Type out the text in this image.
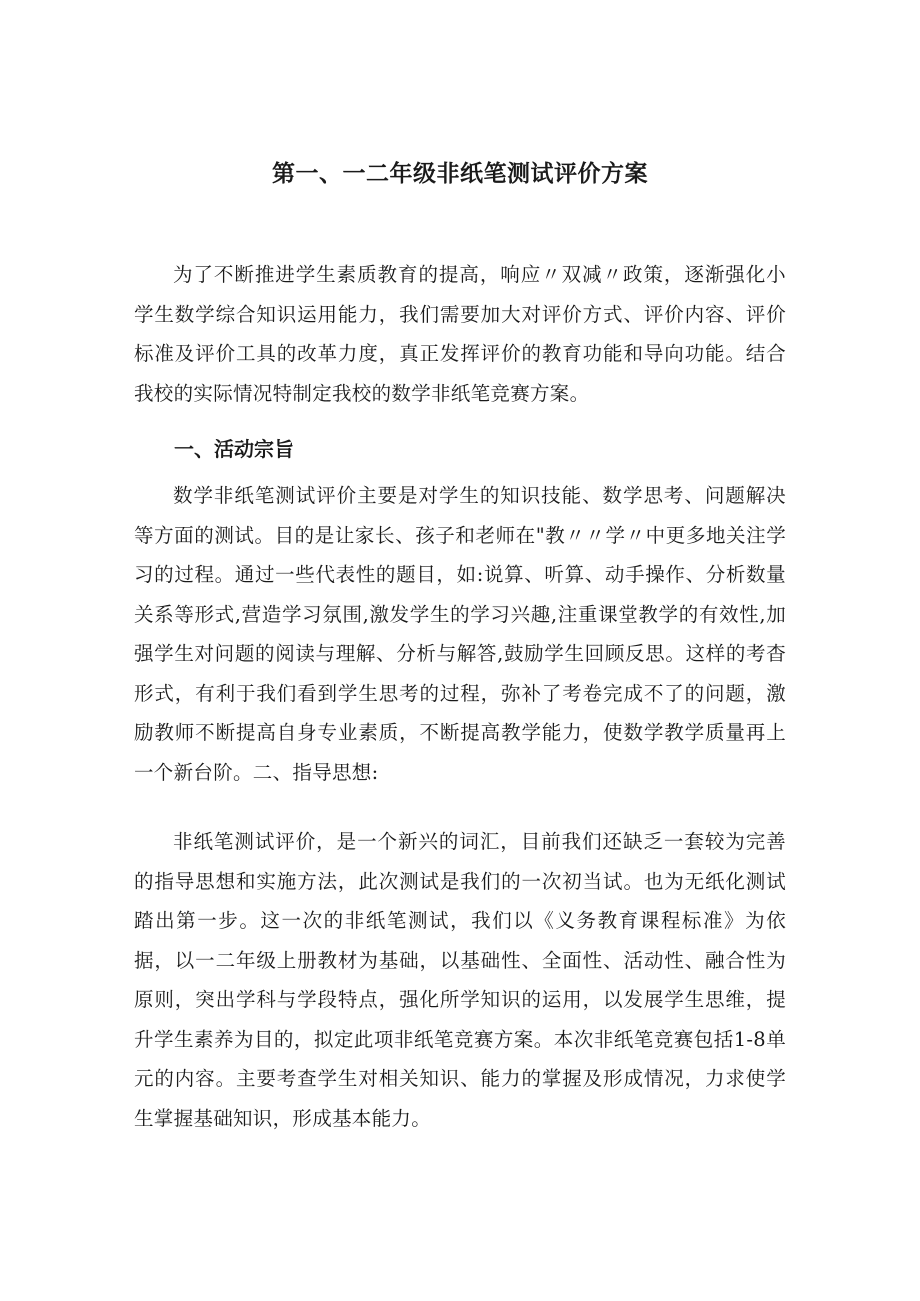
第一、一二年级非纸笔测试评价方案

为了不断推进学生素质教育的提高，响应〃双减〃政策，逐渐强化小学生数学综合知识运用能力，我们需要加大对评价方式、评价内容、评价标准及评价工具的改革力度，真正发挥评价的教育功能和导向功能。结合我校的实际情况特制定我校的数学非纸笔竞赛方案。

一、活动宗旨

数学非纸笔测试评价主要是对学生的知识技能、数学思考、问题解决等方面的测试。目的是让家长、孩子和老师在"教〃〃学〃中更多地关注学习的过程。通过一些代表性的题目，如:说算、听算、动手操作、分析数量关系等形式,营造学习氛围,激发学生的学习兴趣,注重课堂教学的有效性,加强学生对问题的阅读与理解、分析与解答,鼓励学生回顾反思。这样的考杳形式，有利于我们看到学生思考的过程，弥补了考卷完成不了的问题，激励教师不断提高自身专业素质，不断提高教学能力，使数学教学质量再上一个新台阶。二、指导思想:

非纸笔测试评价，是一个新兴的词汇，目前我们还缺乏一套较为完善的指导思想和实施方法，此次测试是我们的一次初当试。也为无纸化测试踏出第一步。这一次的非纸笔测试，我们以《义务教育课程标准》为依据，以一二年级上册教材为基础，以基础性、全面性、活动性、融合性为原则，突出学科与学段特点，强化所学知识的运用，以发展学生思维，提升学生素养为目的，拟定此项非纸笔竞赛方案。本次非纸笔竞赛包括1-8单元的内容。主要考查学生对相关知识、能力的掌握及形成情况，力求使学生掌握基础知识，形成基本能力。
